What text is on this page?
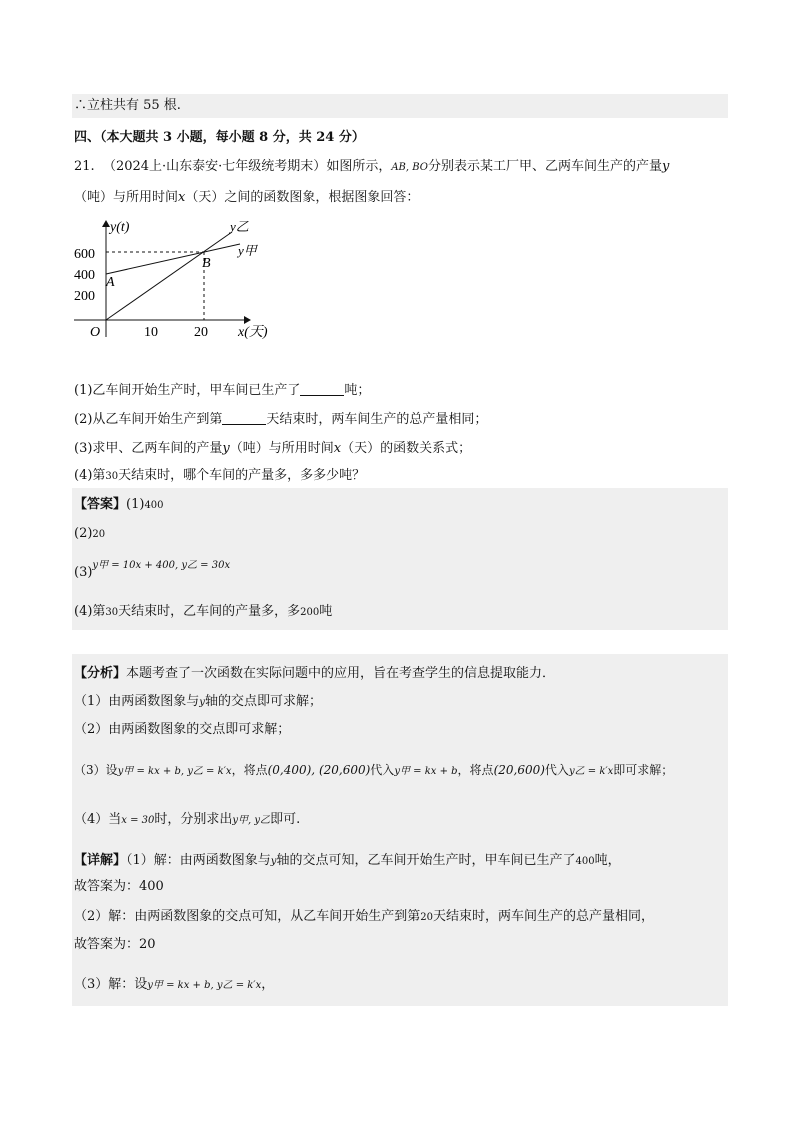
∴立柱共有 55 根.
四、（本大题共 3 小题，每小题 8 分，共 24 分）
21. （2024上·山东泰安·七年级统考期末）如图所示，AB, BO分别表示某工厂甲、乙两车间生产的产量y
（吨）与所用时间x（天）之间的函数图象，根据图象回答：
y(t)
600
400
200
10	20
O
A
B
y乙
y甲
x(天)
(1)乙车间开始生产时，甲车间已生产了	吨；
(2)从乙车间开始生产到第	天结束时，两车间生产的总产量相同；
(3)求甲、乙两车间的产量y（吨）与所用时间x（天）的函数关系式；
(4)第30天结束时，哪个车间的产量多，多多少吨？
【答案】(1)400
(2)20
(3)y甲 = 10x + 400, y乙 = 30x
(4)第30天结束时，乙车间的产量多，多200吨
【分析】本题考查了一次函数在实际问题中的应用，旨在考查学生的信息提取能力．
（1）由两函数图象与y轴的交点即可求解；
（2）由两函数图象的交点即可求解；
（3）设y甲 = kx + b, y乙 = k′x，将点(0,400), (20,600)代入y甲 = kx + b，将点(20,600)代入y乙 = k′x即可求解；
（4）当x = 30时，分别求出y甲, y乙即可.
【详解】（1）解：由两函数图象与y轴的交点可知，乙车间开始生产时，甲车间已生产了400吨，
故答案为：400
（2）解：由两函数图象的交点可知，从乙车间开始生产到第20天结束时，两车间生产的总产量相同，
故答案为：20
（3）解：设y甲 = kx + b, y乙 = k′x，
